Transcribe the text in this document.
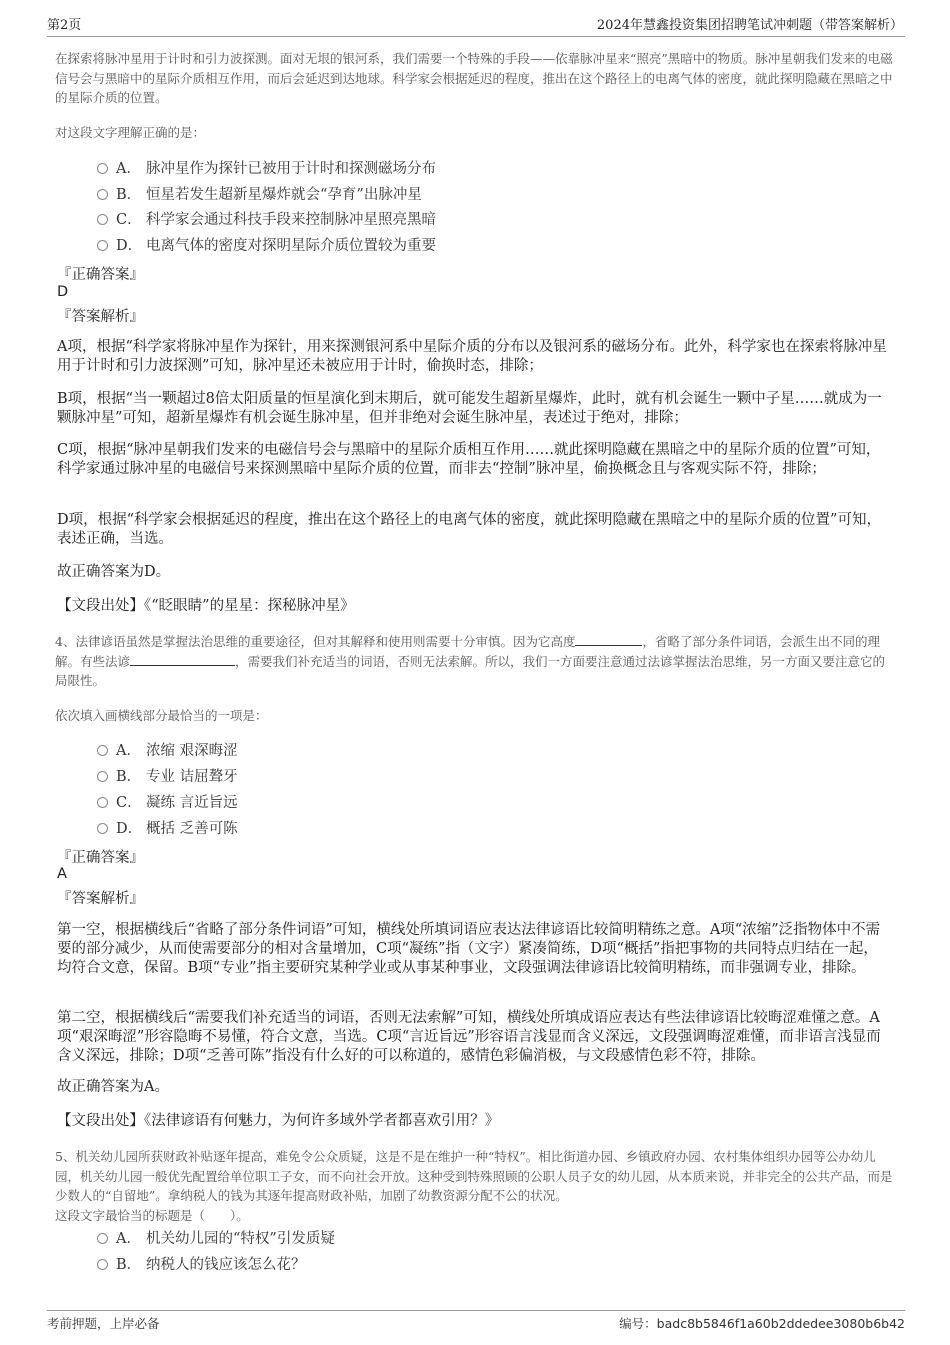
第2页	2024年慧鑫投资集团招聘笔试冲刺题（带答案解析）
在探索将脉冲星用于计时和引力波探测。面对无垠的银河系，我们需要一个特殊的手段——依靠脉冲星来“照亮”黑暗中的物质。脉冲星朝我们发来的电磁信号会与黑暗中的星际介质相互作用，而后会延迟到达地球。科学家会根据延迟的程度，推出在这个路径上的电离气体的密度，就此探明隐藏在黑暗之中的星际介质的位置。
对这段文字理解正确的是：
A． 脉冲星作为探针已被用于计时和探测磁场分布
B． 恒星若发生超新星爆炸就会“孕育”出脉冲星
C． 科学家会通过科技手段来控制脉冲星照亮黑暗
D． 电离气体的密度对探明星际介质位置较为重要
『正确答案』
D
『答案解析』
A项，根据“科学家将脉冲星作为探针，用来探测银河系中星际介质的分布以及银河系的磁场分布。此外，科学家也在探索将脉冲星用于计时和引力波探测”可知，脉冲星还未被应用于计时，偷换时态，排除；
B项，根据“当一颗超过8倍太阳质量的恒星演化到末期后，就可能发生超新星爆炸，此时，就有机会诞生一颗中子星……就成为一颗脉冲星”可知，超新星爆炸有机会诞生脉冲星，但并非绝对会诞生脉冲星，表述过于绝对，排除；
C项，根据“脉冲星朝我们发来的电磁信号会与黑暗中的星际介质相互作用……就此探明隐藏在黑暗之中的星际介质的位置”可知，科学家通过脉冲星的电磁信号来探测黑暗中星际介质的位置，而非去“控制”脉冲星，偷换概念且与客观实际不符，排除；
D项，根据“科学家会根据延迟的程度，推出在这个路径上的电离气体的密度，就此探明隐藏在黑暗之中的星际介质的位置”可知，表述正确，当选。
故正确答案为D。
【文段出处】《“眨眼睛”的星星：探秘脉冲星》
4、法律谚语虽然是掌握法治思维的重要途径，但对其解释和使用则需要十分审慎。因为它高度	，省略了部分条件词语，会派生出不同的理解。有些法谚	，需要我们补充适当的词语，否则无法索解。所以，我们一方面要注意通过法谚掌握法治思维，另一方面又要注意它的局限性。
依次填入画横线部分最恰当的一项是：
A． 浓缩 艰深晦涩
B． 专业 诘屈聱牙
C． 凝练 言近旨远
D． 概括 乏善可陈
『正确答案』
A
『答案解析』
第一空，根据横线后“省略了部分条件词语”可知，横线处所填词语应表达法律谚语比较简明精练之意。A项“浓缩”泛指物体中不需要的部分减少，从而使需要部分的相对含量增加，C项“凝练”指（文字）紧凑简练，D项“概括”指把事物的共同特点归结在一起，均符合文意，保留。B项“专业”指主要研究某种学业或从事某种事业，文段强调法律谚语比较简明精练，而非强调专业，排除。
第二空，根据横线后“需要我们补充适当的词语，否则无法索解”可知，横线处所填成语应表达有些法律谚语比较晦涩难懂之意。A项“艰深晦涩”形容隐晦不易懂，符合文意，当选。C项“言近旨远”形容语言浅显而含义深远，文段强调晦涩难懂，而非语言浅显而含义深远，排除；D项“乏善可陈”指没有什么好的可以称道的，感情色彩偏消极，与文段感情色彩不符，排除。
故正确答案为A。
【文段出处】《法律谚语有何魅力，为何许多域外学者都喜欢引用？》
5、机关幼儿园所获财政补贴逐年提高，难免令公众质疑，这是不是在维护一种“特权”。相比街道办园、乡镇政府办园、农村集体组织办园等公办幼儿园，机关幼儿园一般优先配置给单位职工子女，而不向社会开放。这种受到特殊照顾的公职人员子女的幼儿园，从本质来说，并非完全的公共产品，而是少数人的“自留地”。拿纳税人的钱为其逐年提高财政补贴，加剧了幼教资源分配不公的状况。
这段文字最恰当的标题是（　　）。
A． 机关幼儿园的“特权”引发质疑
B． 纳税人的钱应该怎么花？
考前押题，上岸必备	编号：badc8b5846f1a60b2ddedee3080b6b42
